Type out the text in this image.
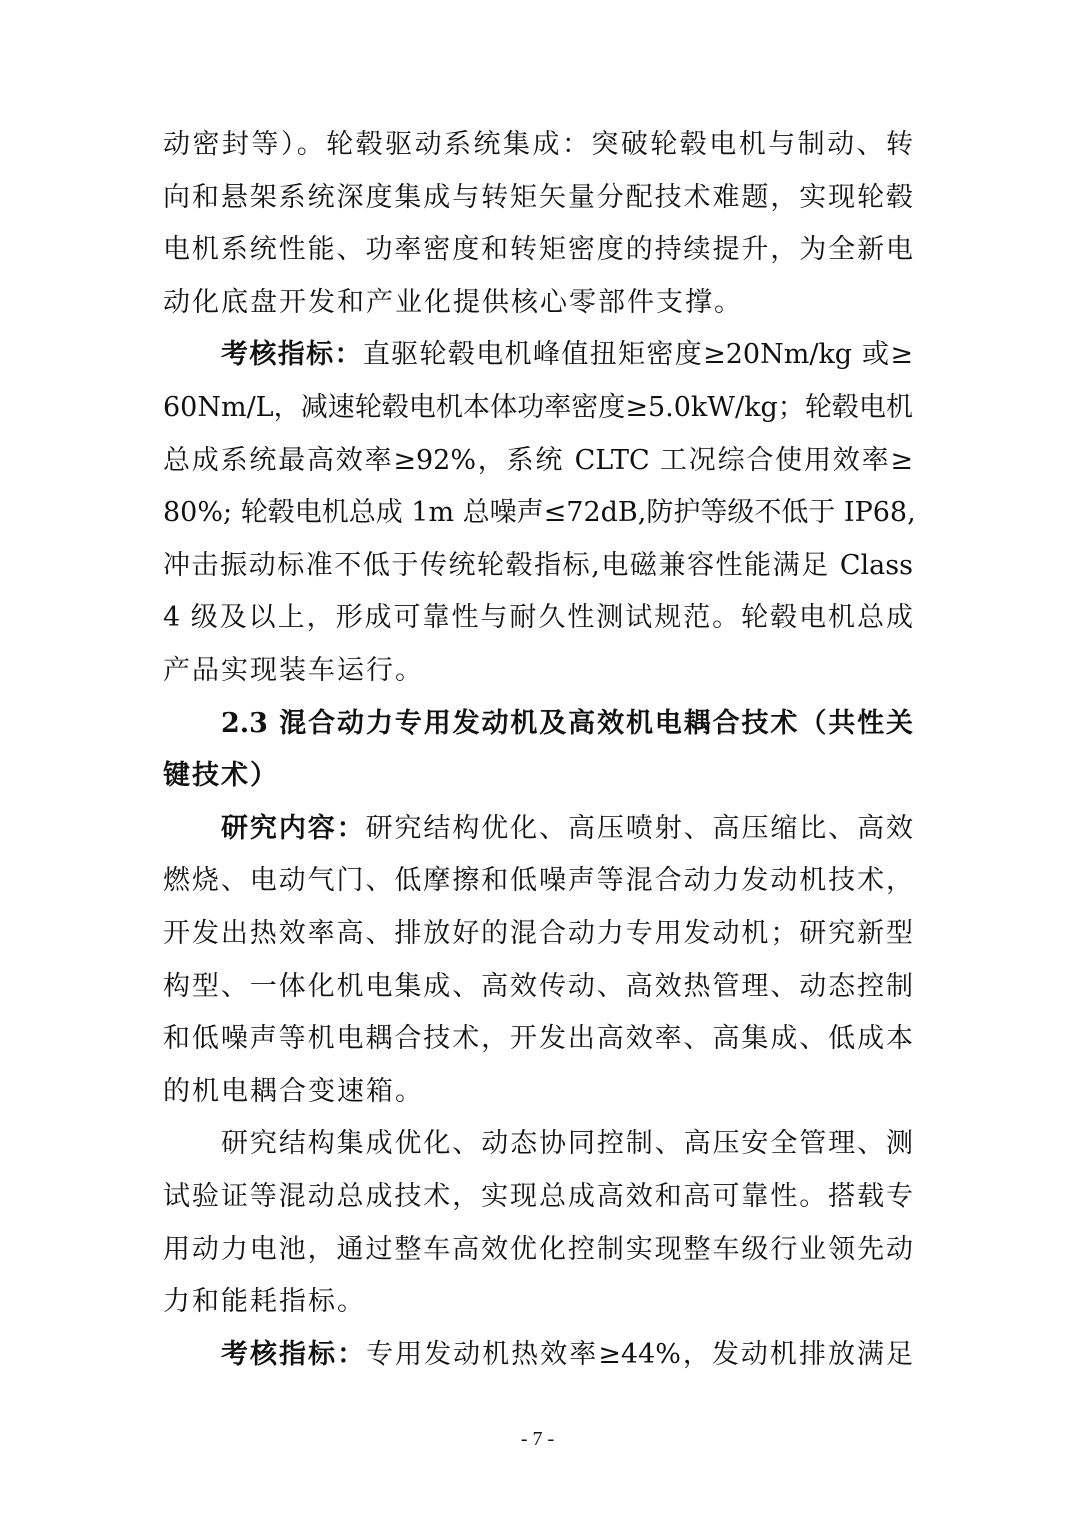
动密封等）。轮毂驱动系统集成：突破轮毂电机与制动、转
向和悬架系统深度集成与转矩矢量分配技术难题，实现轮毂
电机系统性能、功率密度和转矩密度的持续提升，为全新电
动化底盘开发和产业化提供核心零部件支撑。
考核指标：直驱轮毂电机峰值扭矩密度≥20Nm/kg 或≥
60Nm/L，减速轮毂电机本体功率密度≥5.0kW/kg；轮毂电机
总成系统最高效率≥92%，系统 CLTC 工况综合使用效率≥
80%; 轮毂电机总成 1m 总噪声≤72dB,防护等级不低于 IP68,
冲击振动标准不低于传统轮毂指标,电磁兼容性能满足 Class
4 级及以上，形成可靠性与耐久性测试规范。轮毂电机总成
产品实现装车运行。
2.3 混合动力专用发动机及高效机电耦合技术（共性关
键技术）
研究内容：研究结构优化、高压喷射、高压缩比、高效
燃烧、电动气门、低摩擦和低噪声等混合动力发动机技术，
开发出热效率高、排放好的混合动力专用发动机；研究新型
构型、一体化机电集成、高效传动、高效热管理、动态控制
和低噪声等机电耦合技术，开发出高效率、高集成、低成本
的机电耦合变速箱。
研究结构集成优化、动态协同控制、高压安全管理、测
试验证等混动总成技术，实现总成高效和高可靠性。搭载专
用动力电池，通过整车高效优化控制实现整车级行业领先动
力和能耗指标。
考核指标：专用发动机热效率≥44%，发动机排放满足
- 7 -
